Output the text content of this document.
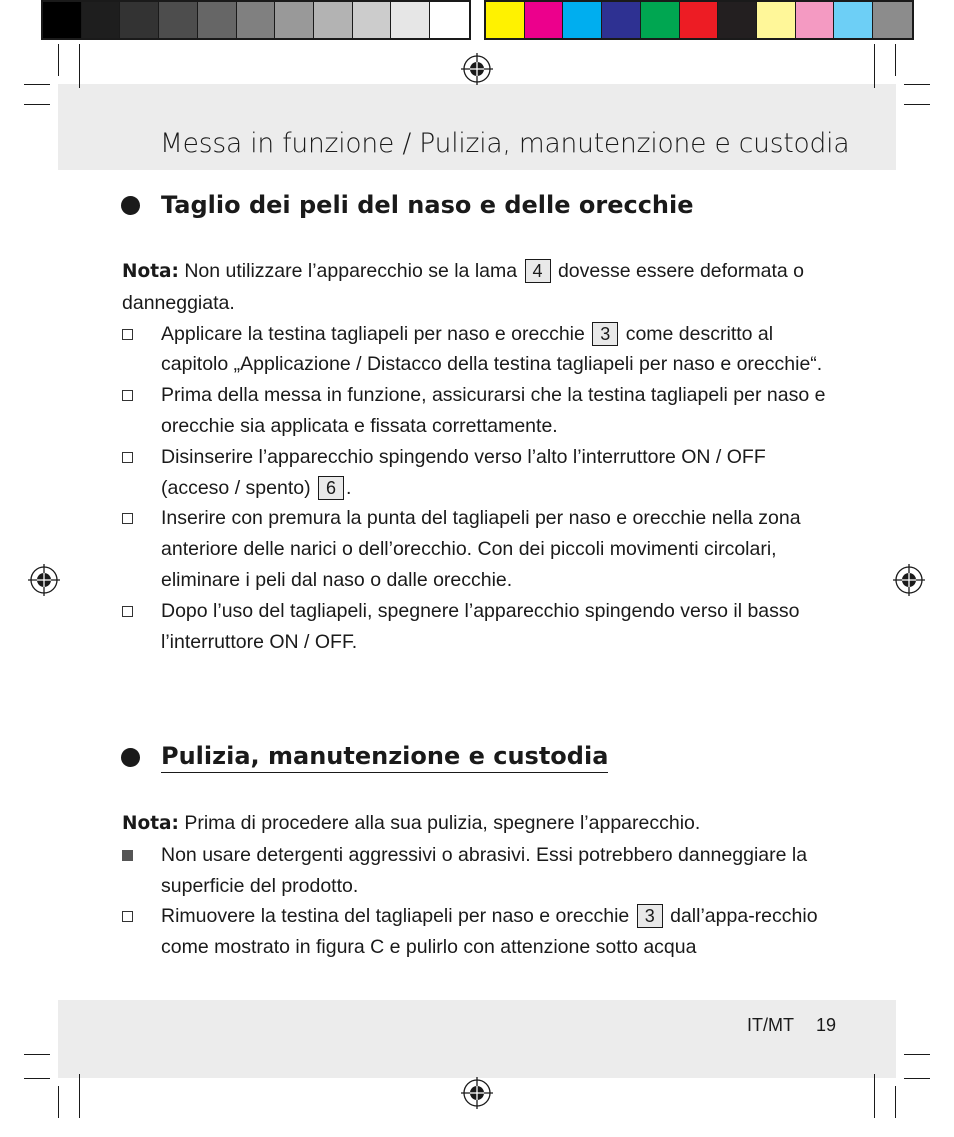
Messa in funzione / Pulizia, manutenzione e custodia
Taglio dei peli del naso e delle orecchie

Nota: Non utilizzare l’apparecchio se la lama 4 dovesse essere deformata o danneggiata.

Applicare la testina tagliapeli per naso e orecchie 3 come descritto al capitolo „Applicazione / Distacco della testina tagliapeli per naso e orecchie“.
Prima della messa in funzione, assicurarsi che la testina tagliapeli per naso e orecchie sia applicata e fissata correttamente.
Disinserire l’apparecchio spingendo verso l’alto l’interruttore ON / OFF (acceso / spento) 6 .
Inserire con premura la punta del tagliapeli per naso e orecchie nella zona anteriore delle narici o dell’orecchio. Con dei piccoli movimenti circolari, eliminare i peli dal naso o dalle orecchie.
Dopo l’uso del tagliapeli, spegnere l’apparecchio spingendo verso il basso l’interruttore ON / OFF.
Pulizia, manutenzione e custodia

Nota: Prima di procedere alla sua pulizia, spegnere l’apparecchio.

Non usare detergenti aggressivi o abrasivi. Essi potrebbero danneggiare la superficie del prodotto.
Rimuovere la testina del tagliapeli per naso e orecchie 3 dall’appa-recchio come mostrato in figura C e pulirlo con attenzione sotto acqua
IT/MT 19
